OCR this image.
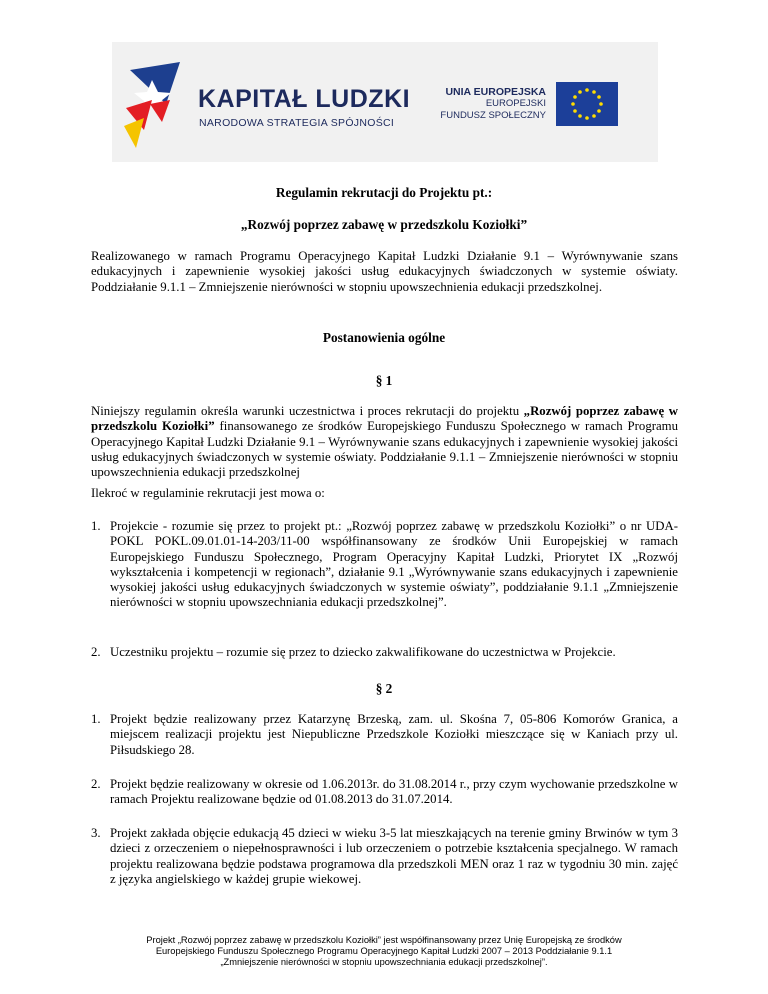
KAPITAŁ LUDZKI
NARODOWA STRATEGIA SPÓJNOŚCI
UNIA EUROPEJSKA
EUROPEJSKI
FUNDUSZ SPOŁECZNY
Regulamin rekrutacji do Projektu pt.:
„Rozwój poprzez zabawę w przedszkolu Koziołki”
Realizowanego w ramach Programu Operacyjnego Kapitał Ludzki Działanie 9.1 – Wyrównywanie szans edukacyjnych i zapewnienie wysokiej jakości usług edukacyjnych świadczonych w systemie oświaty. Poddziałanie 9.1.1 – Zmniejszenie nierówności w stopniu upowszechnienia edukacji przedszkolnej.
Postanowienia ogólne
§ 1
Niniejszy regulamin określa warunki uczestnictwa i proces rekrutacji do projektu „Rozwój poprzez zabawę w przedszkolu Koziołki” finansowanego ze środków Europejskiego Funduszu Społecznego w ramach Programu Operacyjnego Kapitał Ludzki Działanie 9.1 – Wyrównywanie szans edukacyjnych i zapewnienie wysokiej jakości usług edukacyjnych świadczonych w systemie oświaty. Poddziałanie 9.1.1 – Zmniejszenie nierówności w stopniu upowszechnienia edukacji przedszkolnej
Ilekroć w regulaminie rekrutacji jest mowa o:
1. Projekcie - rozumie się przez to projekt pt.: „Rozwój poprzez zabawę w przedszkolu Koziołki” o nr UDA-POKL POKL.09.01.01-14-203/11-00 współfinansowany ze środków Unii Europejskiej w ramach Europejskiego Funduszu Społecznego, Program Operacyjny Kapitał Ludzki, Priorytet IX „Rozwój wykształcenia i kompetencji w regionach”, działanie 9.1 „Wyrównywanie szans edukacyjnych i zapewnienie wysokiej jakości usług edukacyjnych świadczonych w systemie oświaty”, poddziałanie 9.1.1 „Zmniejszenie nierówności w stopniu upowszechniania edukacji przedszkolnej”.
2. Uczestniku projektu – rozumie się przez to dziecko zakwalifikowane do uczestnictwa w Projekcie.
§ 2
1. Projekt będzie realizowany przez Katarzynę Brzeską, zam. ul. Skośna 7, 05-806 Komorów Granica, a miejscem realizacji projektu jest Niepubliczne Przedszkole Koziołki mieszczące się w Kaniach przy ul. Piłsudskiego 28.
2. Projekt będzie realizowany w okresie od 1.06.2013r. do 31.08.2014 r., przy czym wychowanie przedszkolne w ramach Projektu realizowane będzie od 01.08.2013 do 31.07.2014.
3. Projekt zakłada objęcie edukacją 45 dzieci w wieku 3-5 lat mieszkających na terenie gminy Brwinów w tym 3 dzieci z orzeczeniem o niepełnosprawności i lub orzeczeniem o potrzebie kształcenia specjalnego. W ramach projektu realizowana będzie podstawa programowa dla przedszkoli MEN oraz 1 raz w tygodniu 30 min. zajęć z języka angielskiego w każdej grupie wiekowej.
Projekt „Rozwój poprzez zabawę w przedszkolu Koziołki” jest współfinansowany przez Unię Europejską ze środków
Europejskiego Funduszu Społecznego Programu Operacyjnego Kapitał Ludzki 2007 – 2013 Poddziałanie 9.1.1
„Zmniejszenie nierówności w stopniu upowszechniania edukacji przedszkolnej”.
